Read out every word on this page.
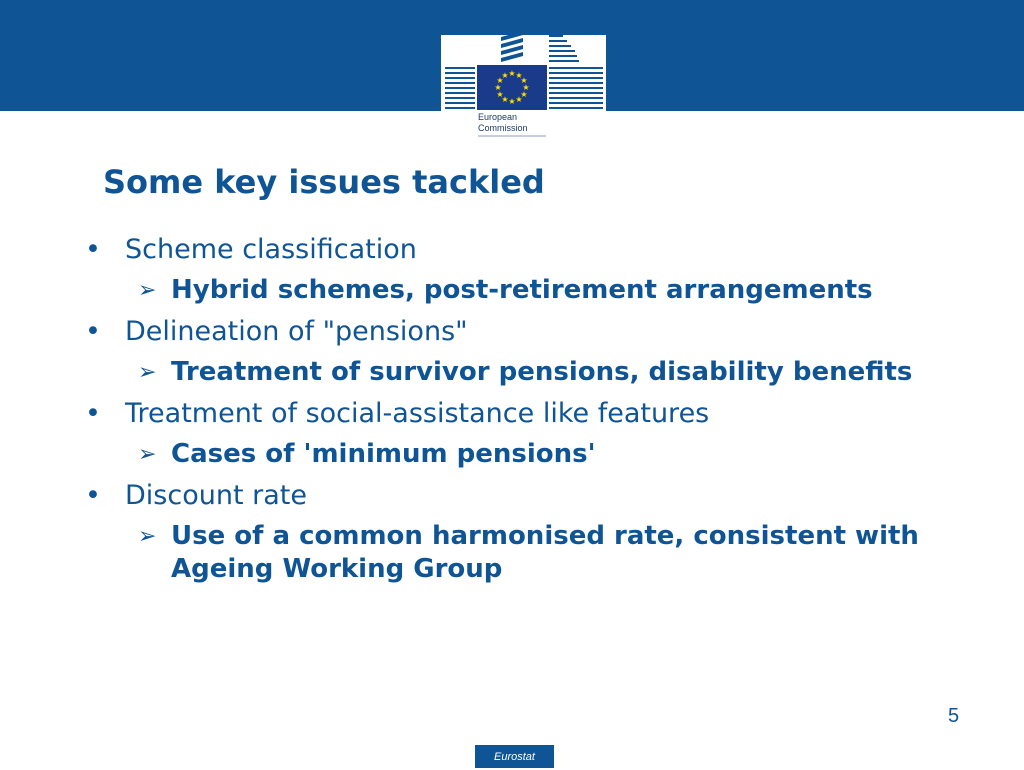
★ ★
★
★
★
★
★
★
★
★
★
★
European
Commission
Some key issues tackled
• Scheme classification
➢ Hybrid schemes, post-retirement arrangements
• Delineation of "pensions"
➢ Treatment of survivor pensions, disability benefits
• Treatment of social-assistance like features
➢ Cases of 'minimum pensions'
• Discount rate
➢ Use of a common harmonised rate, consistent with Ageing Working Group
5
Eurostat
